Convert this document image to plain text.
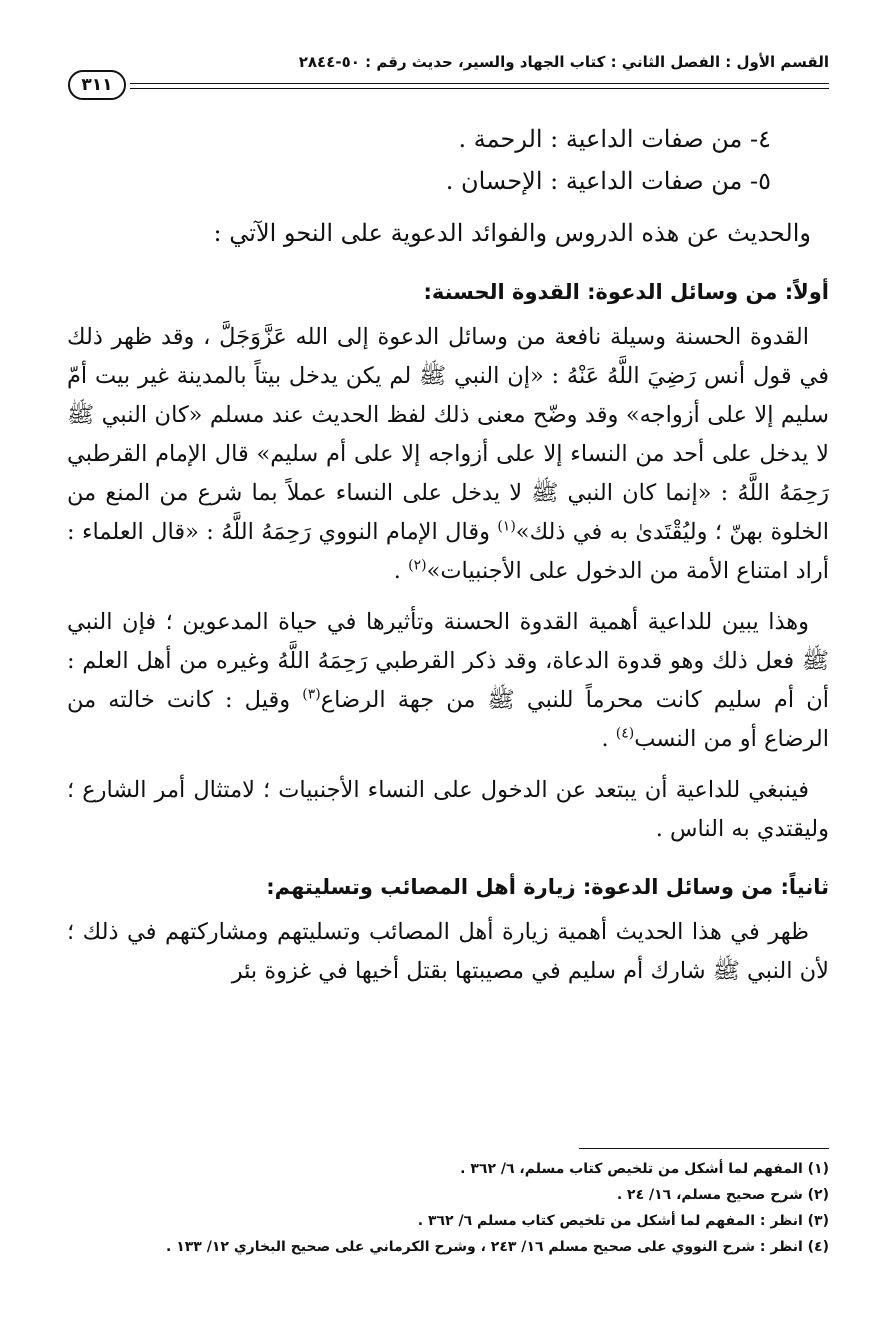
القسم الأول : الفصل الثاني : كتاب الجهاد والسير، حديث رقم : ٥٠-٢٨٤٤
٣١١

٤- من صفات الداعية : الرحمة .

٥- من صفات الداعية : الإحسان .

والحديث عن هذه الدروس والفوائد الدعوية على النحو الآتي :

أولاً: من وسائل الدعوة: القدوة الحسنة:

القدوة الحسنة وسيلة نافعة من وسائل الدعوة إلى الله عَزَّوَجَلَّ ، وقد ظهر ذلك في قول أنس رَضِيَ اللَّهُ عَنْهُ : «إن النبي ﷺ لم يكن يدخل بيتاً بالمدينة غير بيت أمّ سليم إلا على أزواجه» وقد وضّح معنى ذلك لفظ الحديث عند مسلم «كان النبي ﷺ لا يدخل على أحد من النساء إلا على أزواجه إلا على أم سليم» قال الإمام القرطبي رَحِمَهُ اللَّهُ : «إنما كان النبي ﷺ لا يدخل على النساء عملاً بما شرع من المنع من الخلوة بهنّ ؛ وليُقْتَدىٰ به في ذلك»$^{(١)}$ وقال الإمام النووي رَحِمَهُ اللَّهُ : «قال العلماء : أراد امتناع الأمة من الدخول على الأجنبيات»$^{(٢)}$ .

وهذا يبين للداعية أهمية القدوة الحسنة وتأثيرها في حياة المدعوين ؛ فإن النبي ﷺ فعل ذلك وهو قدوة الدعاة، وقد ذكر القرطبي رَحِمَهُ اللَّهُ وغيره من أهل العلم : أن أم سليم كانت محرماً للنبي ﷺ من جهة الرضاع$^{(٣)}$ وقيل : كانت خالته من الرضاع أو من النسب$^{(٤)}$ .

فينبغي للداعية أن يبتعد عن الدخول على النساء الأجنبيات ؛ لامتثال أمر الشارع ؛ وليقتدي به الناس .

ثانياً: من وسائل الدعوة: زيارة أهل المصائب وتسليتهم:

ظهر في هذا الحديث أهمية زيارة أهل المصائب وتسليتهم ومشاركتهم في ذلك ؛ لأن النبي ﷺ شارك أم سليم في مصيبتها بقتل أخيها في غزوة بئر

(١) المفهم لما أشكل من تلخيص كتاب مسلم، ٦/ ٣٦٢ .
(٢) شرح صحيح مسلم، ١٦/ ٢٤ .
(٣) انظر : المفهم لما أشكل من تلخيص كتاب مسلم ٦/ ٣٦٢ .
(٤) انظر : شرح النووي على صحيح مسلم ١٦/ ٢٤٣ ، وشرح الكرماني على صحيح البخاري ١٢/ ١٣٣ .
